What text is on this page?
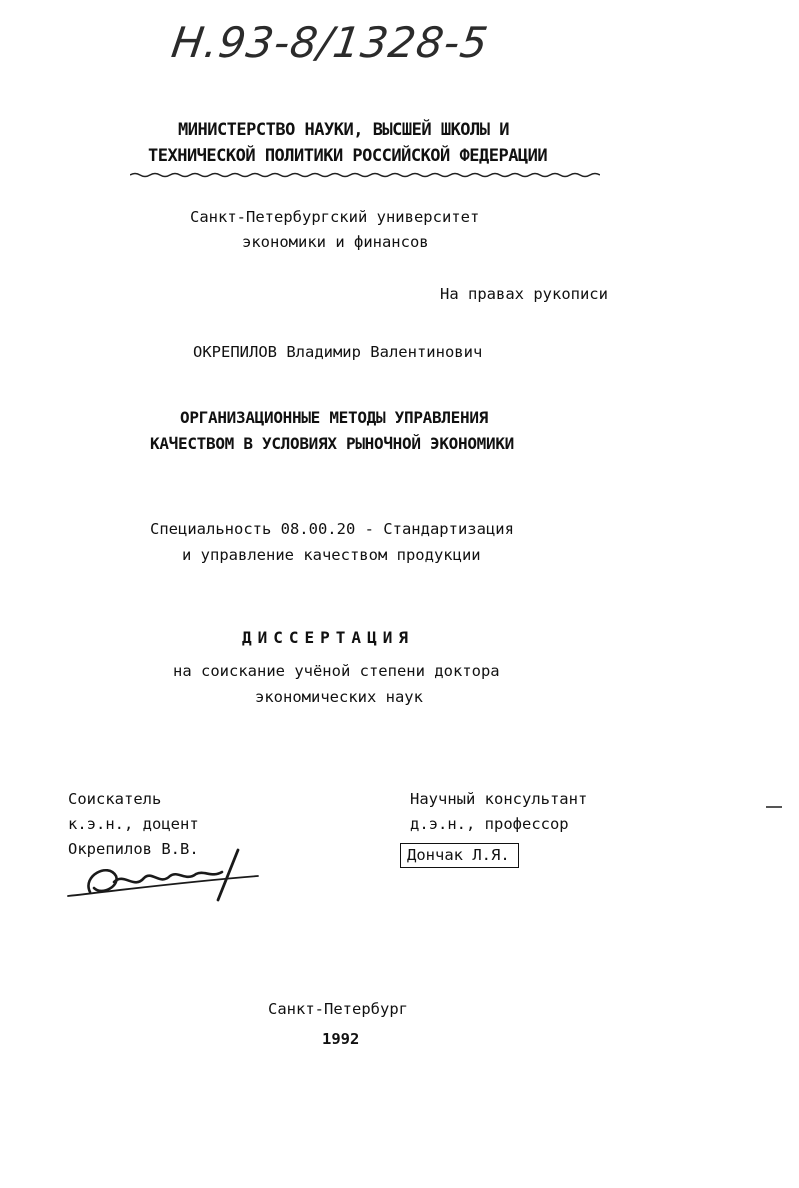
Н.93-8/1328-5
МИНИСТЕРСТВО НАУКИ, ВЫСШЕЙ ШКОЛЫ И
ТЕХНИЧЕСКОЙ ПОЛИТИКИ РОССИЙСКОЙ ФЕДЕРАЦИИ
Санкт-Петербургский университет
экономики и финансов
На правах рукописи
ОКРЕПИЛОВ Владимир Валентинович
ОРГАНИЗАЦИОННЫЕ МЕТОДЫ УПРАВЛЕНИЯ
КАЧЕСТВОМ В УСЛОВИЯХ РЫНОЧНОЙ ЭКОНОМИКИ
Специальность 08.00.20 - Стандартизация
и управление качеством продукции
ДИССЕРТАЦИЯ
на соискание учёной степени доктора
экономических наук
Соискатель
к.э.н., доцент
Окрепилов В.В.
Научный консультант
д.э.н., профессор
Дончак Л.Я.
Санкт-Петербург
1992
